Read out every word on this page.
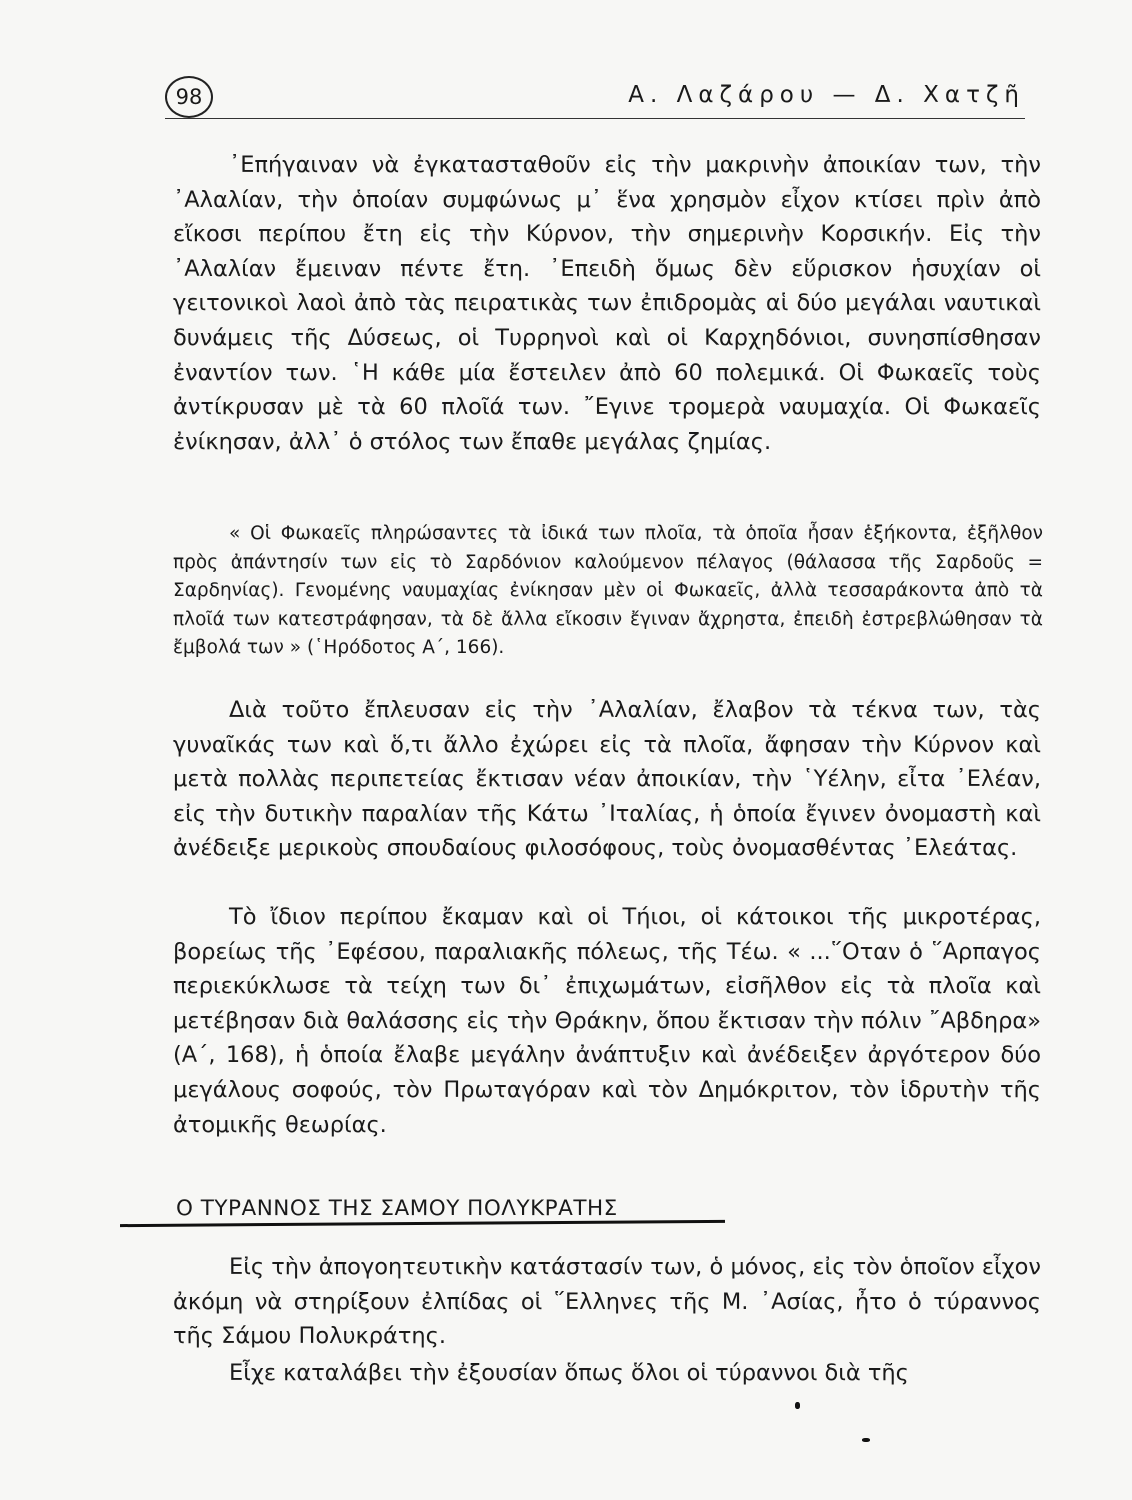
98	Α. Λαζάρου — Δ. Χατζῆ

᾿Επήγαιναν νὰ ἐγκατασταθοῦν εἰς τὴν μακρινὴν ἀποικίαν των, τὴν ᾿Αλαλίαν, τὴν ὁποίαν συμφώνως μ᾿ ἕνα χρησμὸν εἶχον κτίσει πρὶν ἀπὸ εἴκοσι περίπου ἔτη εἰς τὴν Κύρνον, τὴν σημερινὴν Κορσικήν. Εἰς τὴν ᾿Αλαλίαν ἔμειναν πέντε ἔτη. ᾿Επειδὴ ὅμως δὲν εὕρισκον ἡσυχίαν οἱ γειτονικοὶ λαοὶ ἀπὸ τὰς πειρατικὰς των ἐπιδρομὰς αἱ δύο μεγάλαι ναυτικαὶ δυνάμεις τῆς Δύσεως, οἱ Τυρρηνοὶ καὶ οἱ Καρχηδόνιοι, συνησπίσθησαν ἐναντίον των. ῾Η κάθε μία ἔστειλεν ἀπὸ 60 πολεμικά. Οἱ Φωκαεῖς τοὺς ἀντίκρυσαν μὲ τὰ 60 πλοῖά των. ῎Εγινε τρομερὰ ναυμαχία. Οἱ Φωκαεῖς ἐνίκησαν, ἀλλ᾿ ὁ στόλος των ἔπαθε μεγάλας ζημίας.

« Οἱ Φωκαεῖς πληρώσαντες τὰ ἰδικά των πλοῖα, τὰ ὁποῖα ἦσαν ἑξήκοντα, ἐξῆλθον πρὸς ἀπάντησίν των εἰς τὸ Σαρδόνιον καλούμενον πέλαγος (θάλασσα τῆς Σαρδοῦς = Σαρδηνίας). Γενομένης ναυμαχίας ἐνίκησαν μὲν οἱ Φωκαεῖς, ἀλλὰ τεσσαράκοντα ἀπὸ τὰ πλοῖά των κατεστράφησαν, τὰ δὲ ἄλλα εἴκοσιν ἔγιναν ἄχρηστα, ἐπειδὴ ἐστρεβλώθησαν τὰ ἔμβολά των » (῾Ηρόδοτος Α΄, 166).

Διὰ τοῦτο ἔπλευσαν εἰς τὴν ᾿Αλαλίαν, ἔλαβον τὰ τέκνα των, τὰς γυναῖκάς των καὶ ὅ,τι ἄλλο ἐχώρει εἰς τὰ πλοῖα, ἄφησαν τὴν Κύρνον καὶ μετὰ πολλὰς περιπετείας ἔκτισαν νέαν ἀποικίαν, τὴν ῾Υέλην, εἶτα ᾿Ελέαν, εἰς τὴν δυτικὴν παραλίαν τῆς Κάτω ᾿Ιταλίας, ἡ ὁποία ἔγινεν ὀνομαστὴ καὶ ἀνέδειξε μερικοὺς σπουδαίους φιλοσόφους, τοὺς ὀνομασθέντας ᾿Ελεάτας.

Τὸ ἴδιον περίπου ἔκαμαν καὶ οἱ Τήιοι, οἱ κάτοικοι τῆς μικροτέρας, βορείως τῆς ᾿Εφέσου, παραλιακῆς πόλεως, τῆς Τέω. « ...῞Οταν ὁ ῞Αρπαγος περιεκύκλωσε τὰ τείχη των δι᾿ ἐπιχωμάτων, εἰσῆλθον εἰς τὰ πλοῖα καὶ μετέβησαν διὰ θαλάσσης εἰς τὴν Θράκην, ὅπου ἔκτισαν τὴν πόλιν ῎Αβδηρα» (Α΄, 168), ἡ ὁποία ἔλαβε μεγάλην ἀνάπτυξιν καὶ ἀνέδειξεν ἀργότερον δύο μεγάλους σοφούς, τὸν Πρωταγόραν καὶ τὸν Δημόκριτον, τὸν ἱδρυτὴν τῆς ἀτομικῆς θεωρίας.

Ο ΤΥΡΑΝΝΟΣ ΤΗΣ ΣΑΜΟΥ ΠΟΛΥΚΡΑΤΗΣ

Εἰς τὴν ἀπογοητευτικὴν κατάστασίν των, ὁ μόνος, εἰς τὸν ὁποῖον εἶχον ἀκόμη νὰ στηρίξουν ἐλπίδας οἱ ῞Ελληνες τῆς Μ. ᾿Ασίας, ἦτο ὁ τύραννος τῆς Σάμου Πολυκράτης.

Εἶχε καταλάβει τὴν ἐξουσίαν ὅπως ὅλοι οἱ τύραννοι διὰ τῆς
